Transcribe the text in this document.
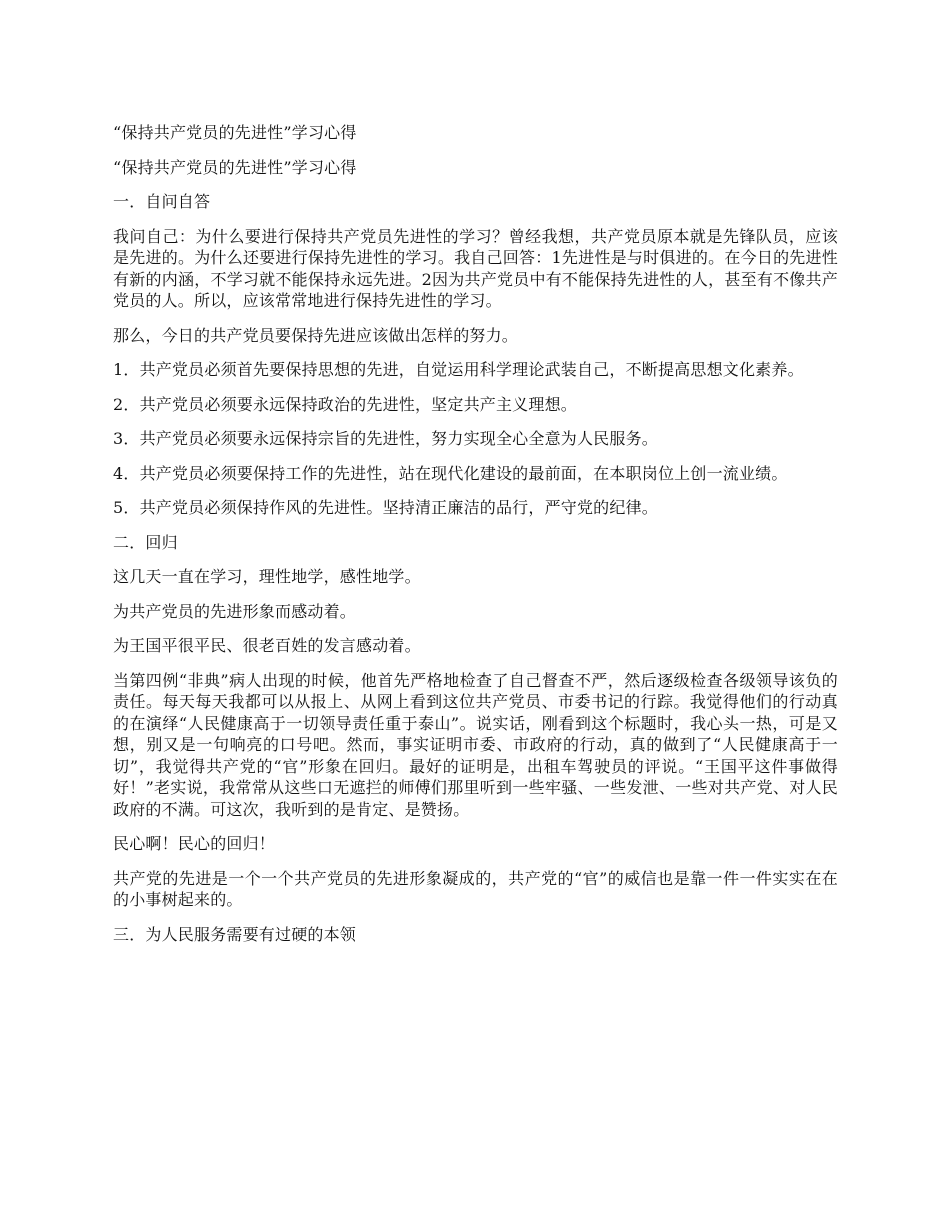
“保持共产党员的先进性”学习心得

“保持共产党员的先进性”学习心得

一．自问自答

我问自己：为什么要进行保持共产党员先进性的学习？曾经我想，共产党员原本就是先锋队员，应该是先进的。为什么还要进行保持先进性的学习。我自己回答：1先进性是与时俱进的。在今日的先进性有新的内涵，不学习就不能保持永远先进。2因为共产党员中有不能保持先进性的人，甚至有不像共产党员的人。所以，应该常常地进行保持先进性的学习。

那么，今日的共产党员要保持先进应该做出怎样的努力。

1．共产党员必须首先要保持思想的先进，自觉运用科学理论武装自己，不断提高思想文化素养。

2．共产党员必须要永远保持政治的先进性，坚定共产主义理想。

3．共产党员必须要永远保持宗旨的先进性，努力实现全心全意为人民服务。

4．共产党员必须要保持工作的先进性，站在现代化建设的最前面，在本职岗位上创一流业绩。

5．共产党员必须保持作风的先进性。坚持清正廉洁的品行，严守党的纪律。

二．回归

这几天一直在学习，理性地学，感性地学。

为共产党员的先进形象而感动着。

为王国平很平民、很老百姓的发言感动着。

当第四例“非典”病人出现的时候，他首先严格地检查了自己督查不严，然后逐级检查各级领导该负的责任。每天每天我都可以从报上、从网上看到这位共产党员、市委书记的行踪。我觉得他们的行动真的在演绎“人民健康高于一切领导责任重于泰山”。说实话，刚看到这个标题时，我心头一热，可是又想，别又是一句响亮的口号吧。然而，事实证明市委、市政府的行动，真的做到了“人民健康高于一切”，我觉得共产党的“官”形象在回归。最好的证明是，出租车驾驶员的评说。“王国平这件事做得好！”老实说，我常常从这些口无遮拦的师傅们那里听到一些牢骚、一些发泄、一些对共产党、对人民政府的不满。可这次，我听到的是肯定、是赞扬。

民心啊！民心的回归！

共产党的先进是一个一个共产党员的先进形象凝成的，共产党的“官”的威信也是靠一件一件实实在在的小事树起来的。

三．为人民服务需要有过硬的本领
